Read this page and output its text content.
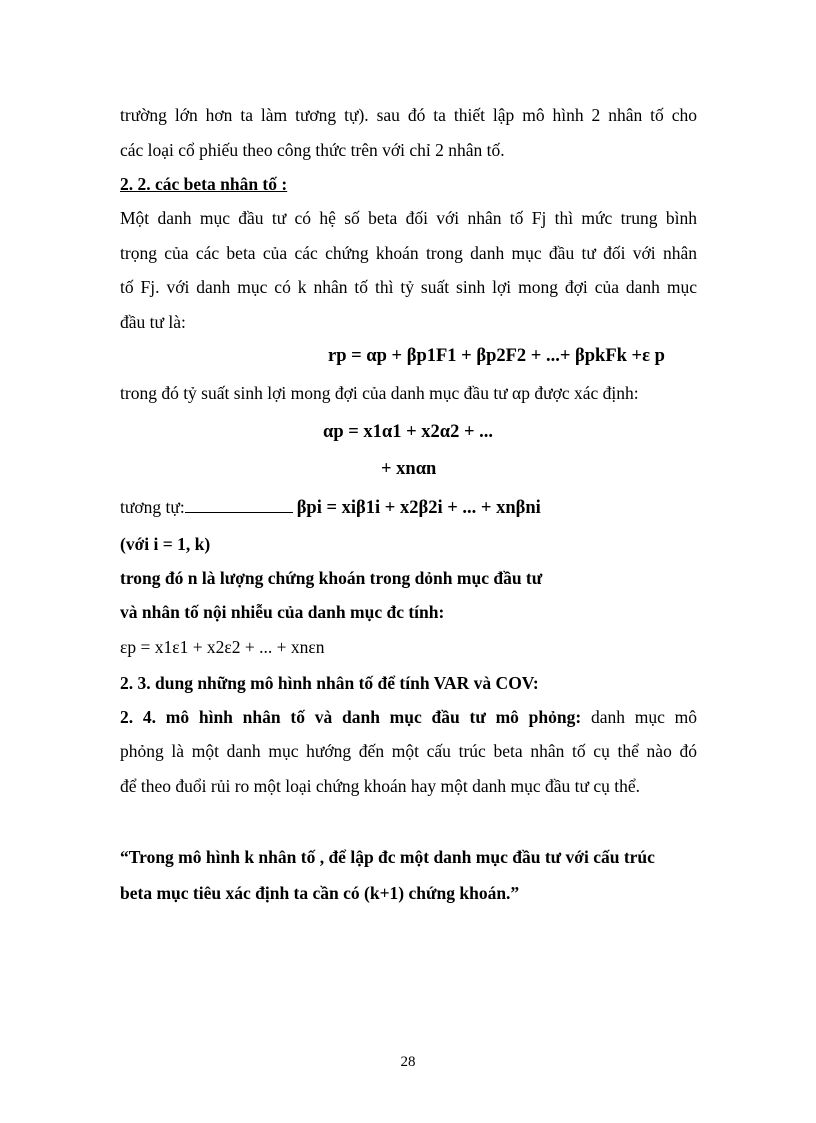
trường lớn hơn ta làm tương tự). sau đó ta thiết lập mô hình 2 nhân tố cho
các loại cổ phiếu theo công thức trên với chỉ 2 nhân tố.
2. 2. các beta nhân tố :
Một danh mục đầu tư có hệ số beta đối với nhân tố Fj thì mức trung bình
trọng của các beta của các chứng khoán trong danh mục đầu tư đối với nhân
tố Fj. với danh mục có k nhân tố thì tỷ suất sinh lợi mong đợi của danh mục
đầu tư là:
rp = αp + βp1F1 + βp2F2 + ...+ βpkFk +ε p
trong đó tỷ suất sinh lợi mong đợi của danh mục đầu tư αp được xác định:
αp = x1α1 + x2α2 + ...
+ xnαn
tương tự:	βpi = xiβ1i + x2β2i + ... + xnβni
(với i = 1, k)
trong đó n là lượng chứng khoán trong dỏnh mục đầu tư
và nhân tố nội nhiễu của danh mục đc tính:
εp = x1ε1 + x2ε2 + ... + xnεn
2. 3. dung những mô hình nhân tố để tính VAR và COV:
2. 4. mô hình nhân tố và danh mục đầu tư mô phỏng: danh mục mô
phỏng là một danh mục hướng đến một cấu trúc beta nhân tố cụ thể nào đó
để theo đuổi rủi ro một loại chứng khoán hay một danh mục đầu tư cụ thể.
“Trong mô hình k nhân tố , để lập đc một danh mục đầu tư với cấu trúc
beta mục tiêu xác định ta cần có (k+1) chứng khoán.”
28
